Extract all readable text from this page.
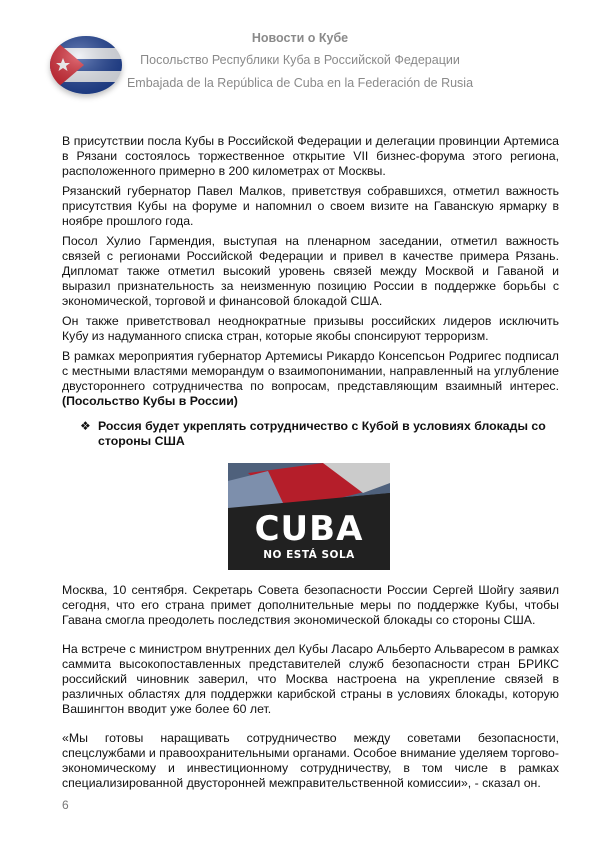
Новости о Кубе
Посольство Республики Куба в Российской Федерации
Embajada de la República de Cuba en la Federación de Rusia

В присутствии посла Кубы в Российской Федерации и делегации провинции Артемиса в Рязани состоялось торжественное открытие VII бизнес-форума этого региона, расположенного примерно в 200 километрах от Москвы.

Рязанский губернатор Павел Малков, приветствуя собравшихся, отметил важность присутствия Кубы на форуме и напомнил о своем визите на Гаванскую ярмарку в ноябре прошлого года.

Посол Хулио Гармендия, выступая на пленарном заседании, отметил важность связей с регионами Российской Федерации и привел в качестве примера Рязань. Дипломат также отметил высокий уровень связей между Москвой и Гаваной и выразил признательность за неизменную позицию России в поддержке борьбы с экономической, торговой и финансовой блокадой США.

Он также приветствовал неоднократные призывы российских лидеров исключить Кубу из надуманного списка стран, которые якобы спонсируют терроризм.

В рамках мероприятия губернатор Артемисы Рикардо Консепсьон Родригес подписал с местными властями меморандум о взаимопонимании, направленный на углубление двустороннего сотрудничества по вопросам, представляющим взаимный интерес. (Посольство Кубы в России)

❖ Россия будет укреплять сотрудничество с Кубой в условиях блокады со стороны США
CUBA
NO ESTÁ SOLA

Москва, 10 сентября. Секретарь Совета безопасности России Сергей Шойгу заявил сегодня, что его страна примет дополнительные меры по поддержке Кубы, чтобы Гавана смогла преодолеть последствия экономической блокады со стороны США.

На встрече с министром внутренних дел Кубы Ласаро Альберто Альваресом в рамках саммита высокопоставленных представителей служб безопасности стран БРИКС российский чиновник заверил, что Москва настроена на укрепление связей в различных областях для поддержки карибской страны в условиях блокады, которую Вашингтон вводит уже более 60 лет.

«Мы готовы наращивать сотрудничество между советами безопасности, спецслужбами и правоохранительными органами. Особое внимание уделяем торгово-экономическому и инвестиционному сотрудничеству, в том числе в рамках специализированной двусторонней межправительственной комиссии», - сказал он.

6
